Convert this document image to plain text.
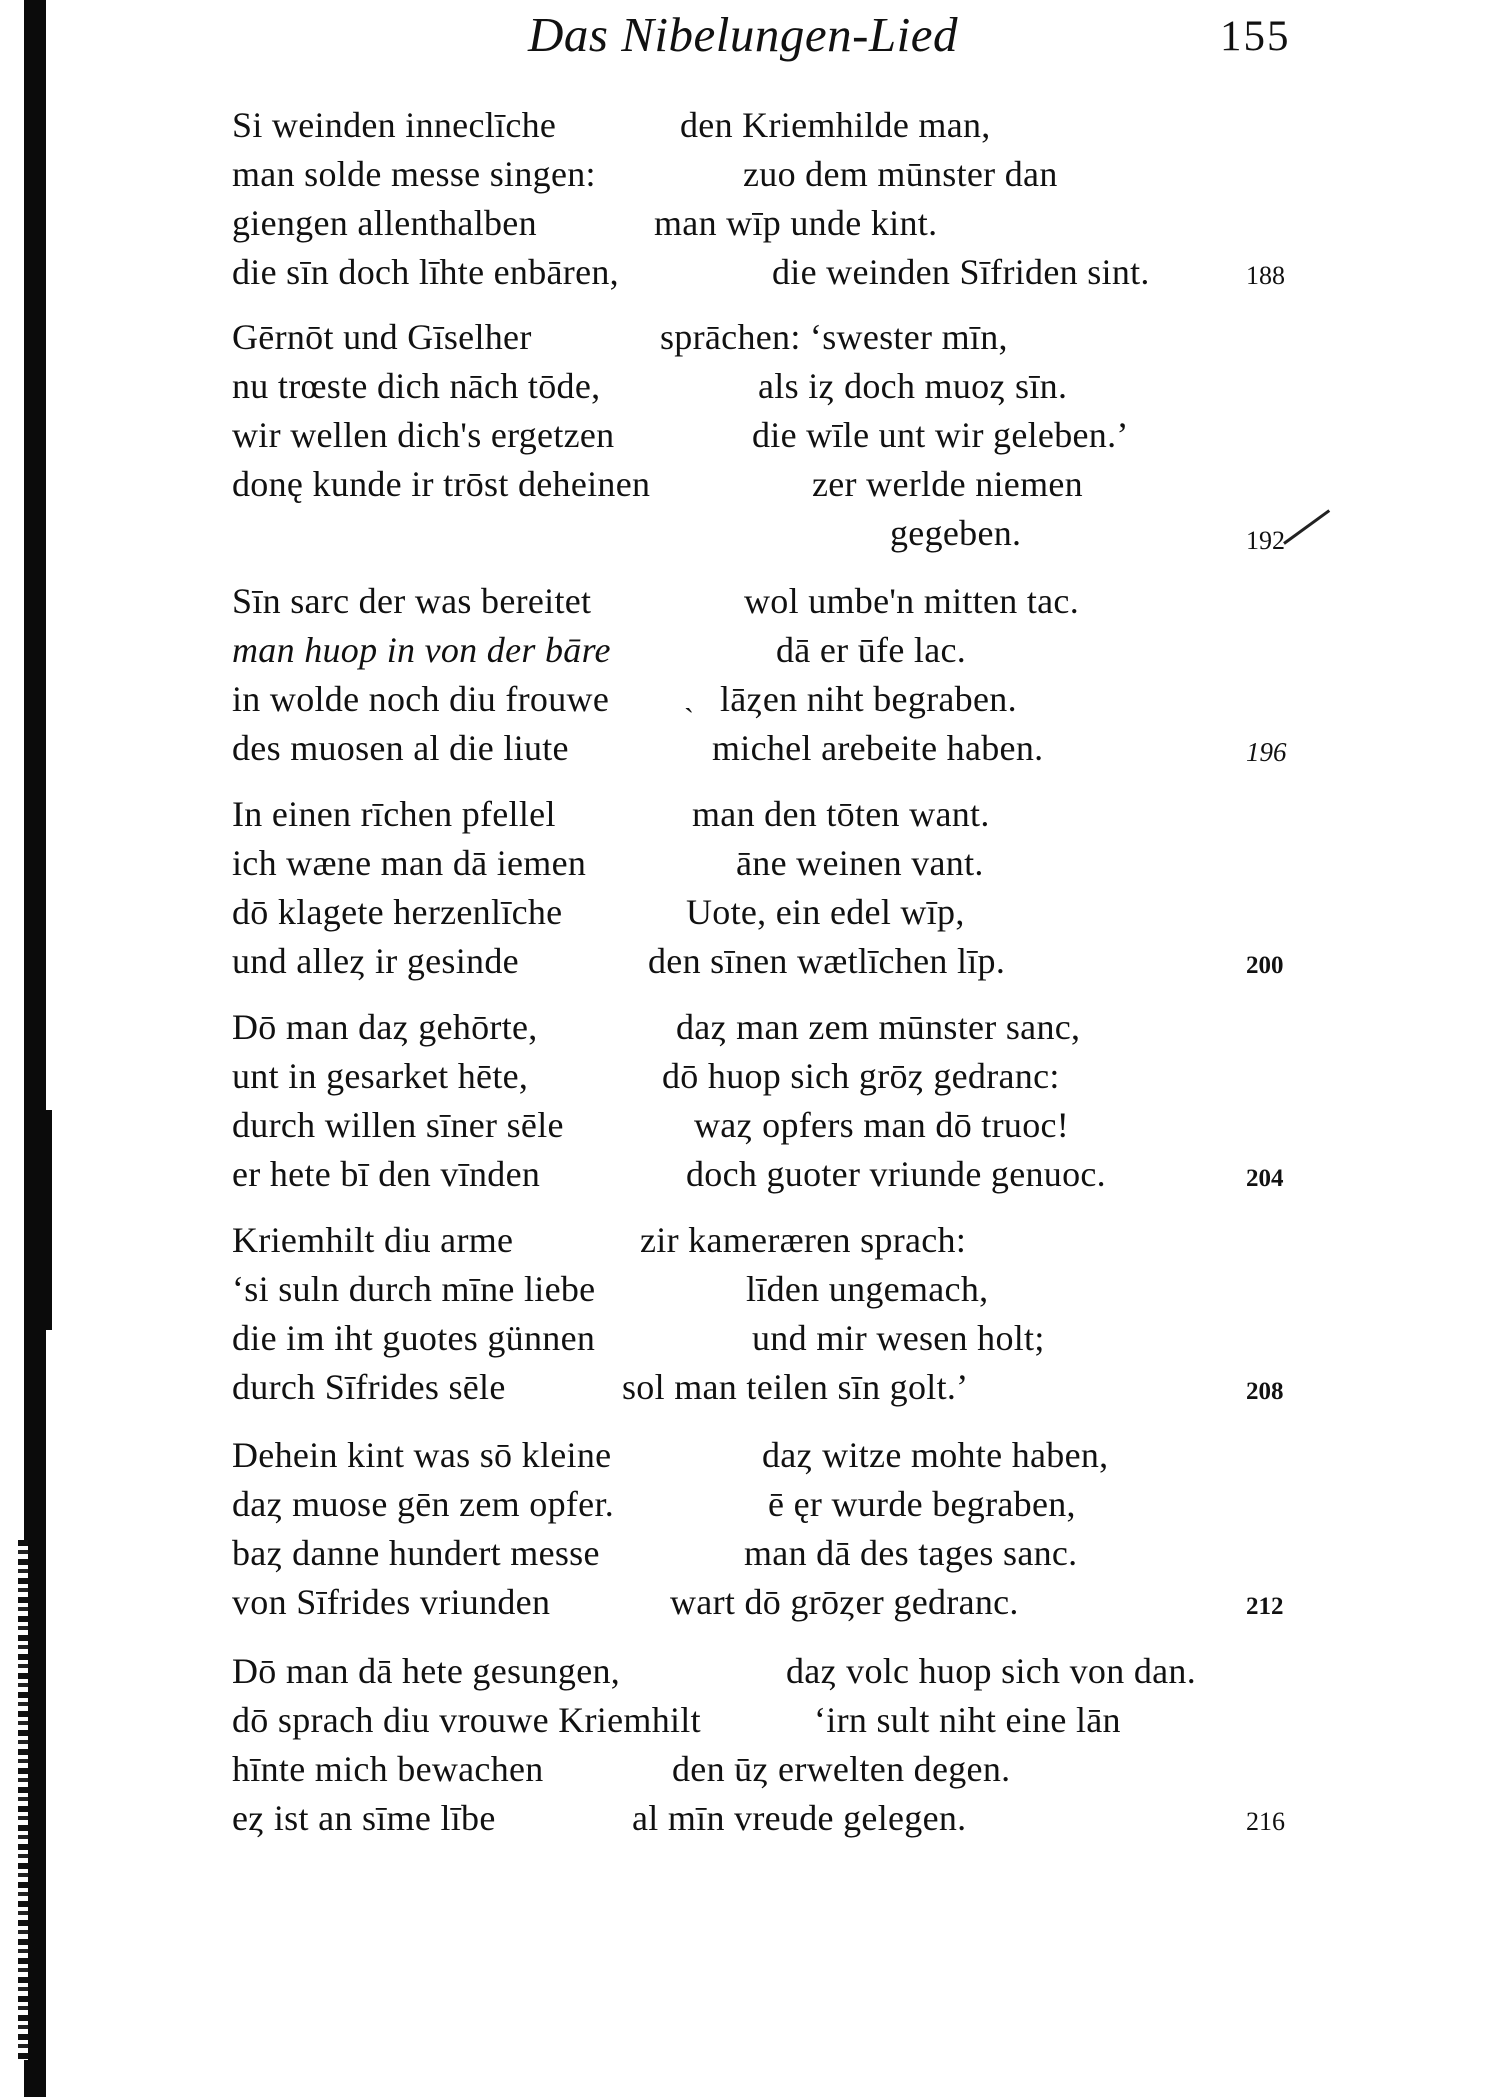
Das Nibelungen-Lied	155
Si weinden inneclīche	den Kriemhilde man,
man solde messe singen:	zuo dem mūnster dan
giengen allenthalben	man wīp unde kint.
die sīn doch līhte enbāren,	die weinden Sīfriden sint.	188
Gērnōt und Gīselher	sprāchen: ‘swester mīn,
nu trœste dich nāch tōde,	als iȥ doch muoȥ sīn.
wir wellen dich's ergetzen	die wīle unt wir geleben.’
donę kunde ir trōst deheinen	zer werlde niemen
gegeben.	192
Sīn sarc der was bereitet	wol umbe'n mitten tac.
man huop in von der bāre	dā er ūfe lac.
in wolde noch diu frouwe ˎ lāȥen niht begraben.
des muosen al die liute	michel arebeite haben.	196
In einen rīchen pfellel	man den tōten want.
ich wæne man dā iemen	āne weinen vant.
dō klagete herzenlīche	Uote, ein edel wīp,
und alleȥ ir gesinde	den sīnen wætlīchen līp.	200
Dō man daȥ gehōrte,	daȥ man zem mūnster sanc,
unt in gesarket hēte,	dō huop sich grōȥ gedranc:
durch willen sīner sēle	waȥ opfers man dō truoc!
er hete bī den vīnden	doch guoter vriunde genuoc.	204
Kriemhilt diu arme	zir kameræren sprach:
‘si suln durch mīne liebe	līden ungemach,
die im iht guotes günnen	und mir wesen holt;
durch Sīfrides sēle	sol man teilen sīn golt.’	208
Dehein kint was sō kleine	daȥ witze mohte haben,
daȥ muose gēn zem opfer.	ē ęr wurde begraben,
baȥ danne hundert messe	man dā des tages sanc.
von Sīfrides vriunden	wart dō grōȥer gedranc.	212
Dō man dā hete gesungen,	daȥ volc huop sich von dan.
dō sprach diu vrouwe Kriemhilt	‘irn sult niht eine lān
hīnte mich bewachen	den ūȥ erwelten degen.
eȥ ist an sīme lībe	al mīn vreude gelegen.	216
